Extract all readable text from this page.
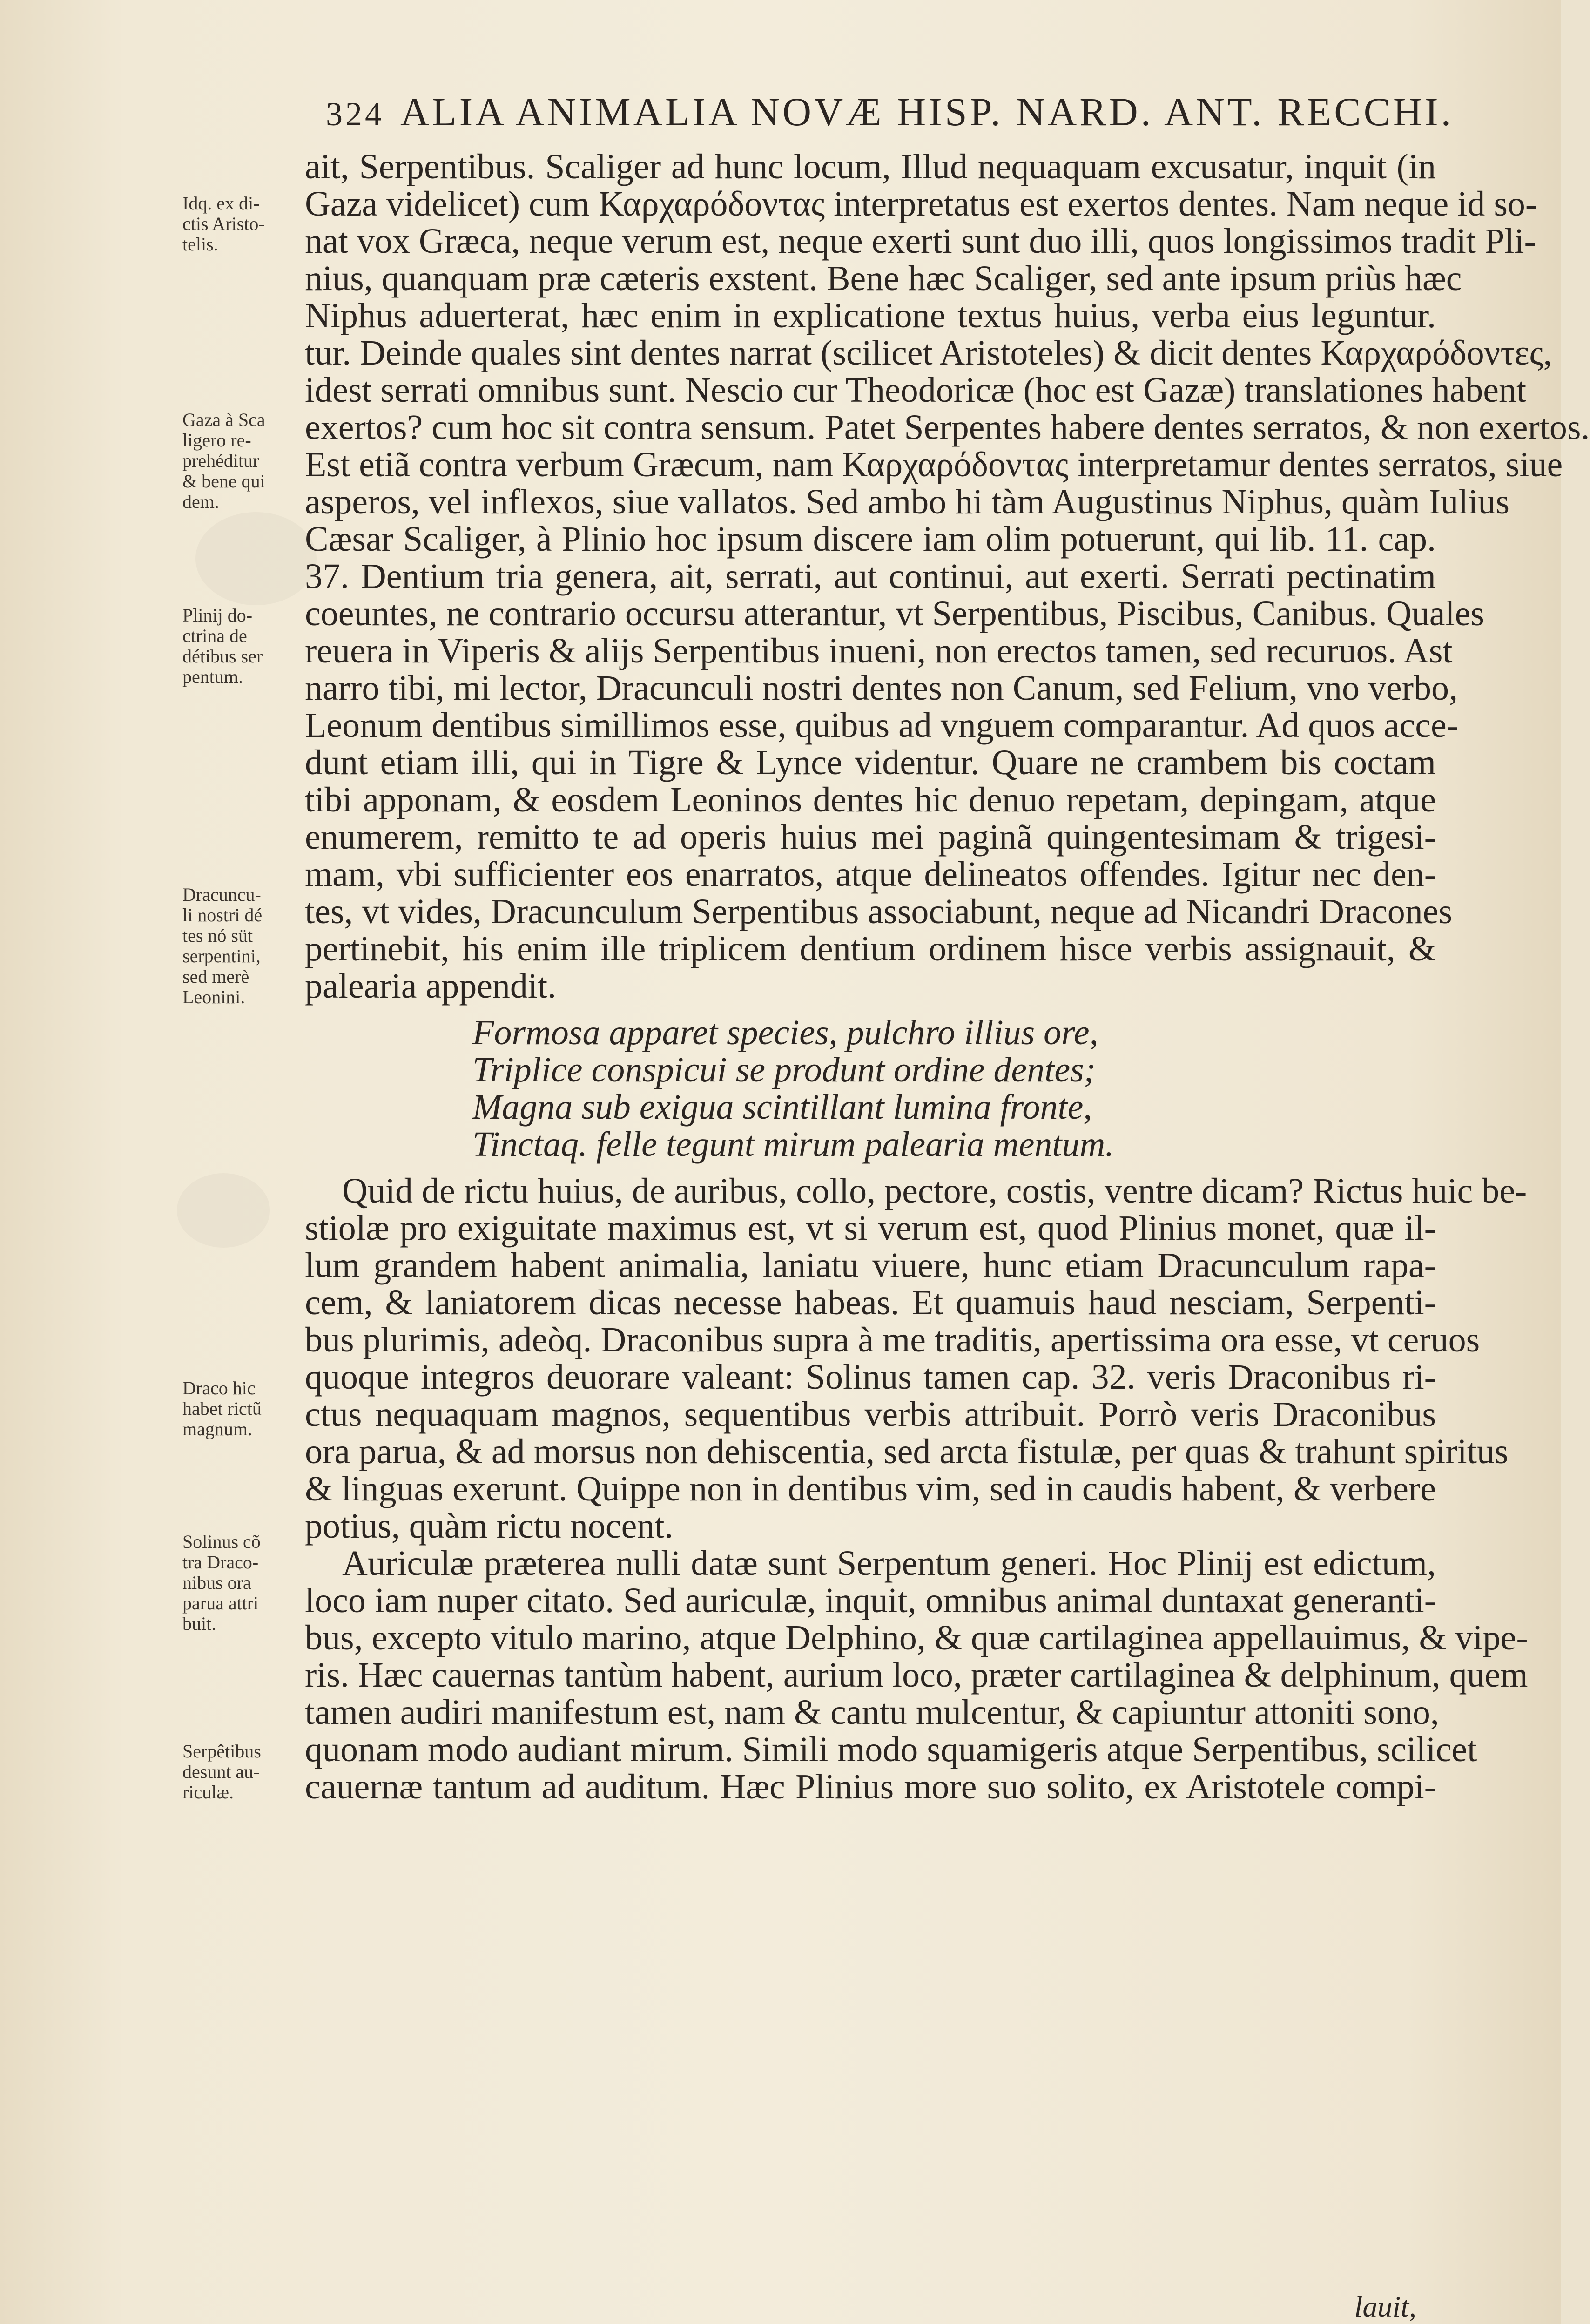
324 ALIA ANIMALIA NOVÆ HISP. NARD. ANT. RECCHI.
Idq. ex di-
ctis Aristo-
telis.
Gaza à Sca
ligero re-
prehéditur
& bene qui
dem.
Plinij do-
ctrina de
détibus ser
pentum.
Dracuncu-
li nostri dé
tes nó süt
serpentini,
sed merè
Leonini.
Draco hic
habet rictũ
magnum.
Solinus cõ
tra Draco-
nibus ora
parua attri
buit.
Serpêtibus
desunt au-
riculæ.
ait, Serpentibus. Scaliger ad hunc locum, Illud nequaquam excusatur, inquit (in
Gaza videlicet) cum Καρχαρόδοντας interpretatus est exertos dentes. Nam neque id so-
nat vox Græca, neque verum est, neque exerti sunt duo illi, quos longissimos tradit Pli-
nius, quanquam præ cæteris exstent. Bene hæc Scaliger, sed ante ipsum priùs hæc
Niphus aduerterat, hæc enim in explicatione textus huius, verba eius leguntur.
tur. Deinde quales sint dentes narrat (scilicet Aristoteles) & dicit dentes Καρχαρόδοντες,
idest serrati omnibus sunt. Nescio cur Theodoricæ (hoc est Gazæ) translationes habent
exertos? cum hoc sit contra sensum. Patet Serpentes habere dentes serratos, & non exertos.
Est etiã contra verbum Græcum, nam Καρχαρόδοντας interpretamur dentes serratos, siue
asperos, vel inflexos, siue vallatos. Sed ambo hi tàm Augustinus Niphus, quàm Iulius
Cæsar Scaliger, à Plinio hoc ipsum discere iam olim potuerunt, qui lib. 11. cap.
37. Dentium tria genera, ait, serrati, aut continui, aut exerti. Serrati pectinatim
coeuntes, ne contrario occursu atterantur, vt Serpentibus, Piscibus, Canibus. Quales
reuera in Viperis & alijs Serpentibus inueni, non erectos tamen, sed recuruos. Ast
narro tibi, mi lector, Dracunculi nostri dentes non Canum, sed Felium, vno verbo,
Leonum dentibus simillimos esse, quibus ad vnguem comparantur. Ad quos acce-
dunt etiam illi, qui in Tigre & Lynce videntur. Quare ne crambem bis coctam
tibi apponam, & eosdem Leoninos dentes hic denuo repetam, depingam, atque
enumerem, remitto te ad operis huius mei paginã quingentesimam & trigesi-
mam, vbi sufficienter eos enarratos, atque delineatos offendes. Igitur nec den-
tes, vt vides, Dracunculum Serpentibus associabunt, neque ad Nicandri Dracones
pertinebit, his enim ille triplicem dentium ordinem hisce verbis assignauit, &
palearia appendit.
Formosa apparet species, pulchro illius ore,
Triplice conspicui se produnt ordine dentes;
Magna sub exigua scintillant lumina fronte,
Tinctaq. felle tegunt mirum palearia mentum.
Quid de rictu huius, de auribus, collo, pectore, costis, ventre dicam? Rictus huic be-
stiolæ pro exiguitate maximus est, vt si verum est, quod Plinius monet, quæ il-
lum grandem habent animalia, laniatu viuere, hunc etiam Dracunculum rapa-
cem, & laniatorem dicas necesse habeas. Et quamuis haud nesciam, Serpenti-
bus plurimis, adeòq. Draconibus supra à me traditis, apertissima ora esse, vt ceruos
quoque integros deuorare valeant: Solinus tamen cap. 32. veris Draconibus ri-
ctus nequaquam magnos, sequentibus verbis attribuit. Porrò veris Draconibus
ora parua, & ad morsus non dehiscentia, sed arcta fistulæ, per quas & trahunt spiritus
& linguas exerunt. Quippe non in dentibus vim, sed in caudis habent, & verbere
potius, quàm rictu nocent.
Auriculæ præterea nulli datæ sunt Serpentum generi. Hoc Plinij est edictum,
loco iam nuper citato. Sed auriculæ, inquit, omnibus animal duntaxat generanti-
bus, excepto vitulo marino, atque Delphino, & quæ cartilaginea appellauimus, & vipe-
ris. Hæc cauernas tantùm habent, aurium loco, præter cartilaginea & delphinum, quem
tamen audiri manifestum est, nam & cantu mulcentur, & capiuntur attoniti sono,
quonam modo audiant mirum. Simili modo squamigeris atque Serpentibus, scilicet
cauernæ tantum ad auditum. Hæc Plinius more suo solito, ex Aristotele compi-
lauit,
